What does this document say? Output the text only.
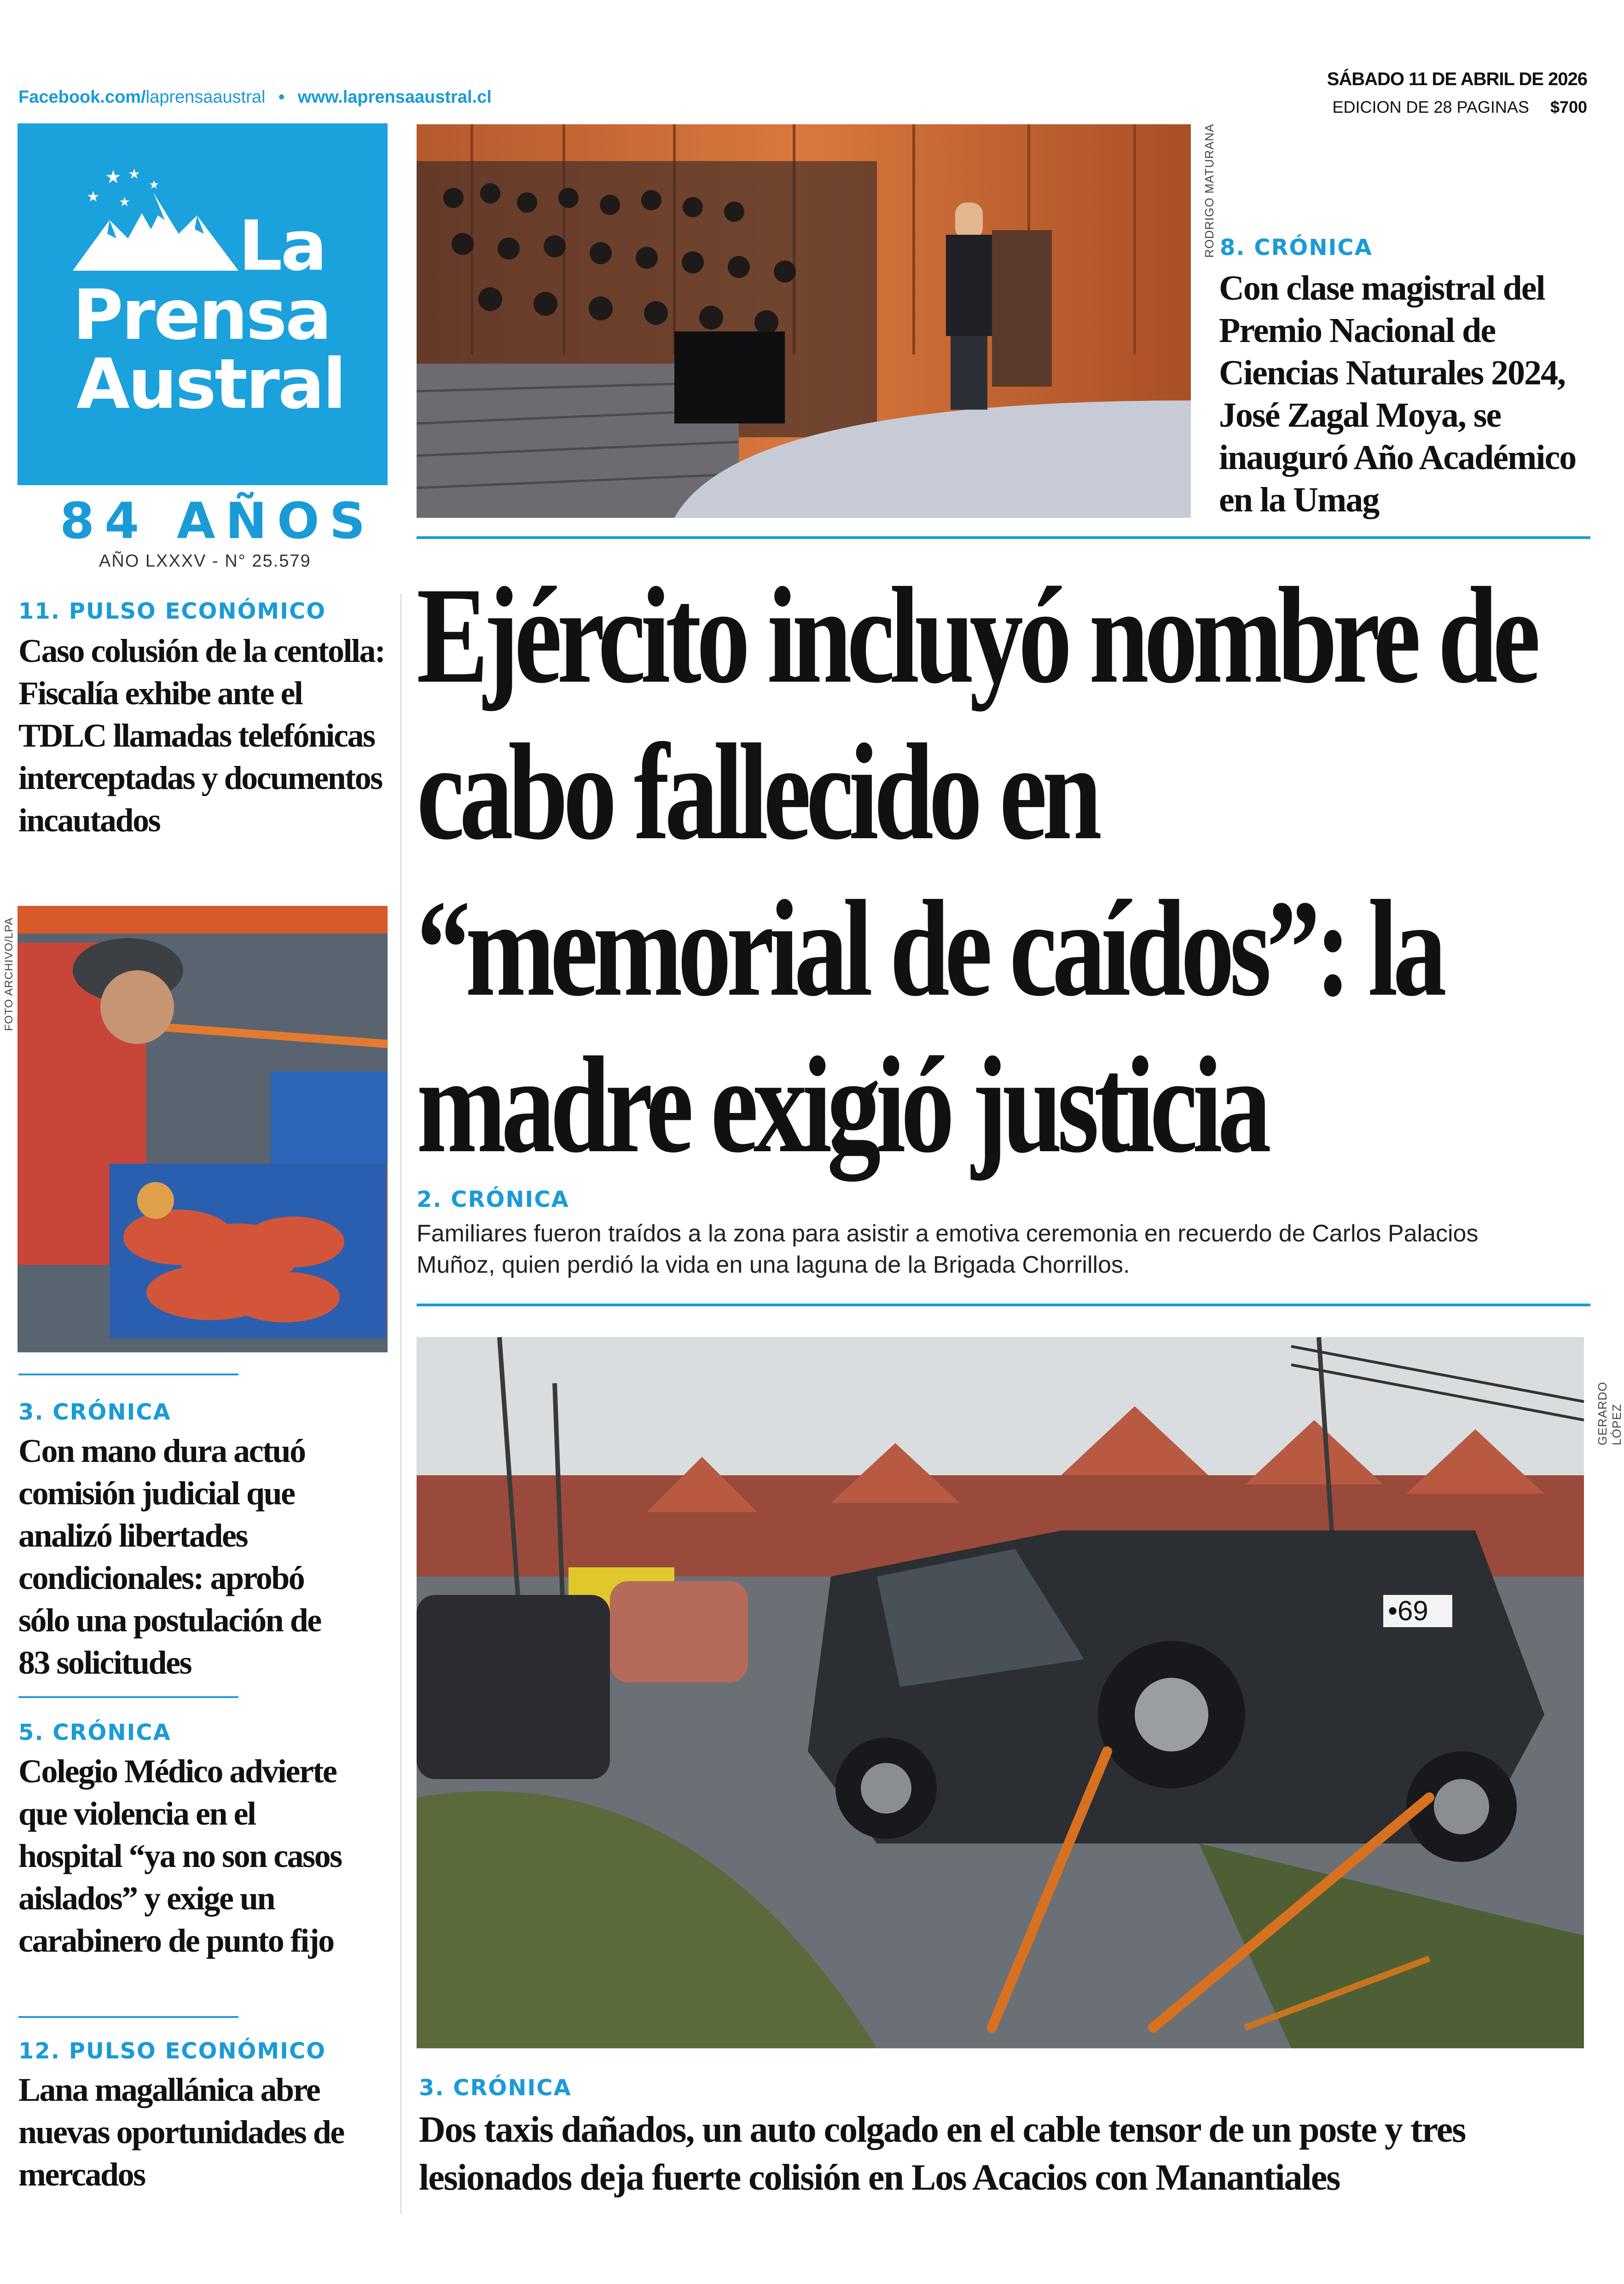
Facebook.com/laprensaaustral • www.laprensaaustral.cl
SÁBADO 11 DE ABRIL DE 2026
EDICION DE 28 PAGINAS $700
★ ★
★
★
★
La
Prensa
Austral
84 AÑOS
AÑO LXXXV - N° 25.579
RODRIGO MATURANA 8. CRÓNICA
Con clase magistral del Premio Nacional de Ciencias Naturales 2024, José Zagal Moya, se inauguró Año Académico en la Umag
Ejército incluyó nombre de cabo fallecido en “memorial de caídos”: la madre exigió justicia
2. CRÓNICA
Familiares fueron traídos a la zona para asistir a emotiva ceremonia en recuerdo de Carlos Palacios Muñoz, quien perdió la vida en una laguna de la Brigada Chorrillos.
•69
GERARDO LÓPEZ
3. CRÓNICA
Dos taxis dañados, un auto colgado en el cable tensor de un poste y tres lesionados deja fuerte colisión en Los Acacios con Manantiales
11. PULSO ECONÓMICO
Caso colusión de la centolla: Fiscalía exhibe ante el TDLC llamadas telefónicas interceptadas y documentos incautados
FOTO ARCHIVO/LPA
3. CRÓNICA
Con mano dura actuó comisión judicial que analizó libertades condicionales: aprobó sólo una postulación de 83 solicitudes
5. CRÓNICA
Colegio Médico advierte que violencia en el hospital “ya no son casos aislados” y exige un carabinero de punto fijo
12. PULSO ECONÓMICO
Lana magallánica abre nuevas oportunidades de mercados
